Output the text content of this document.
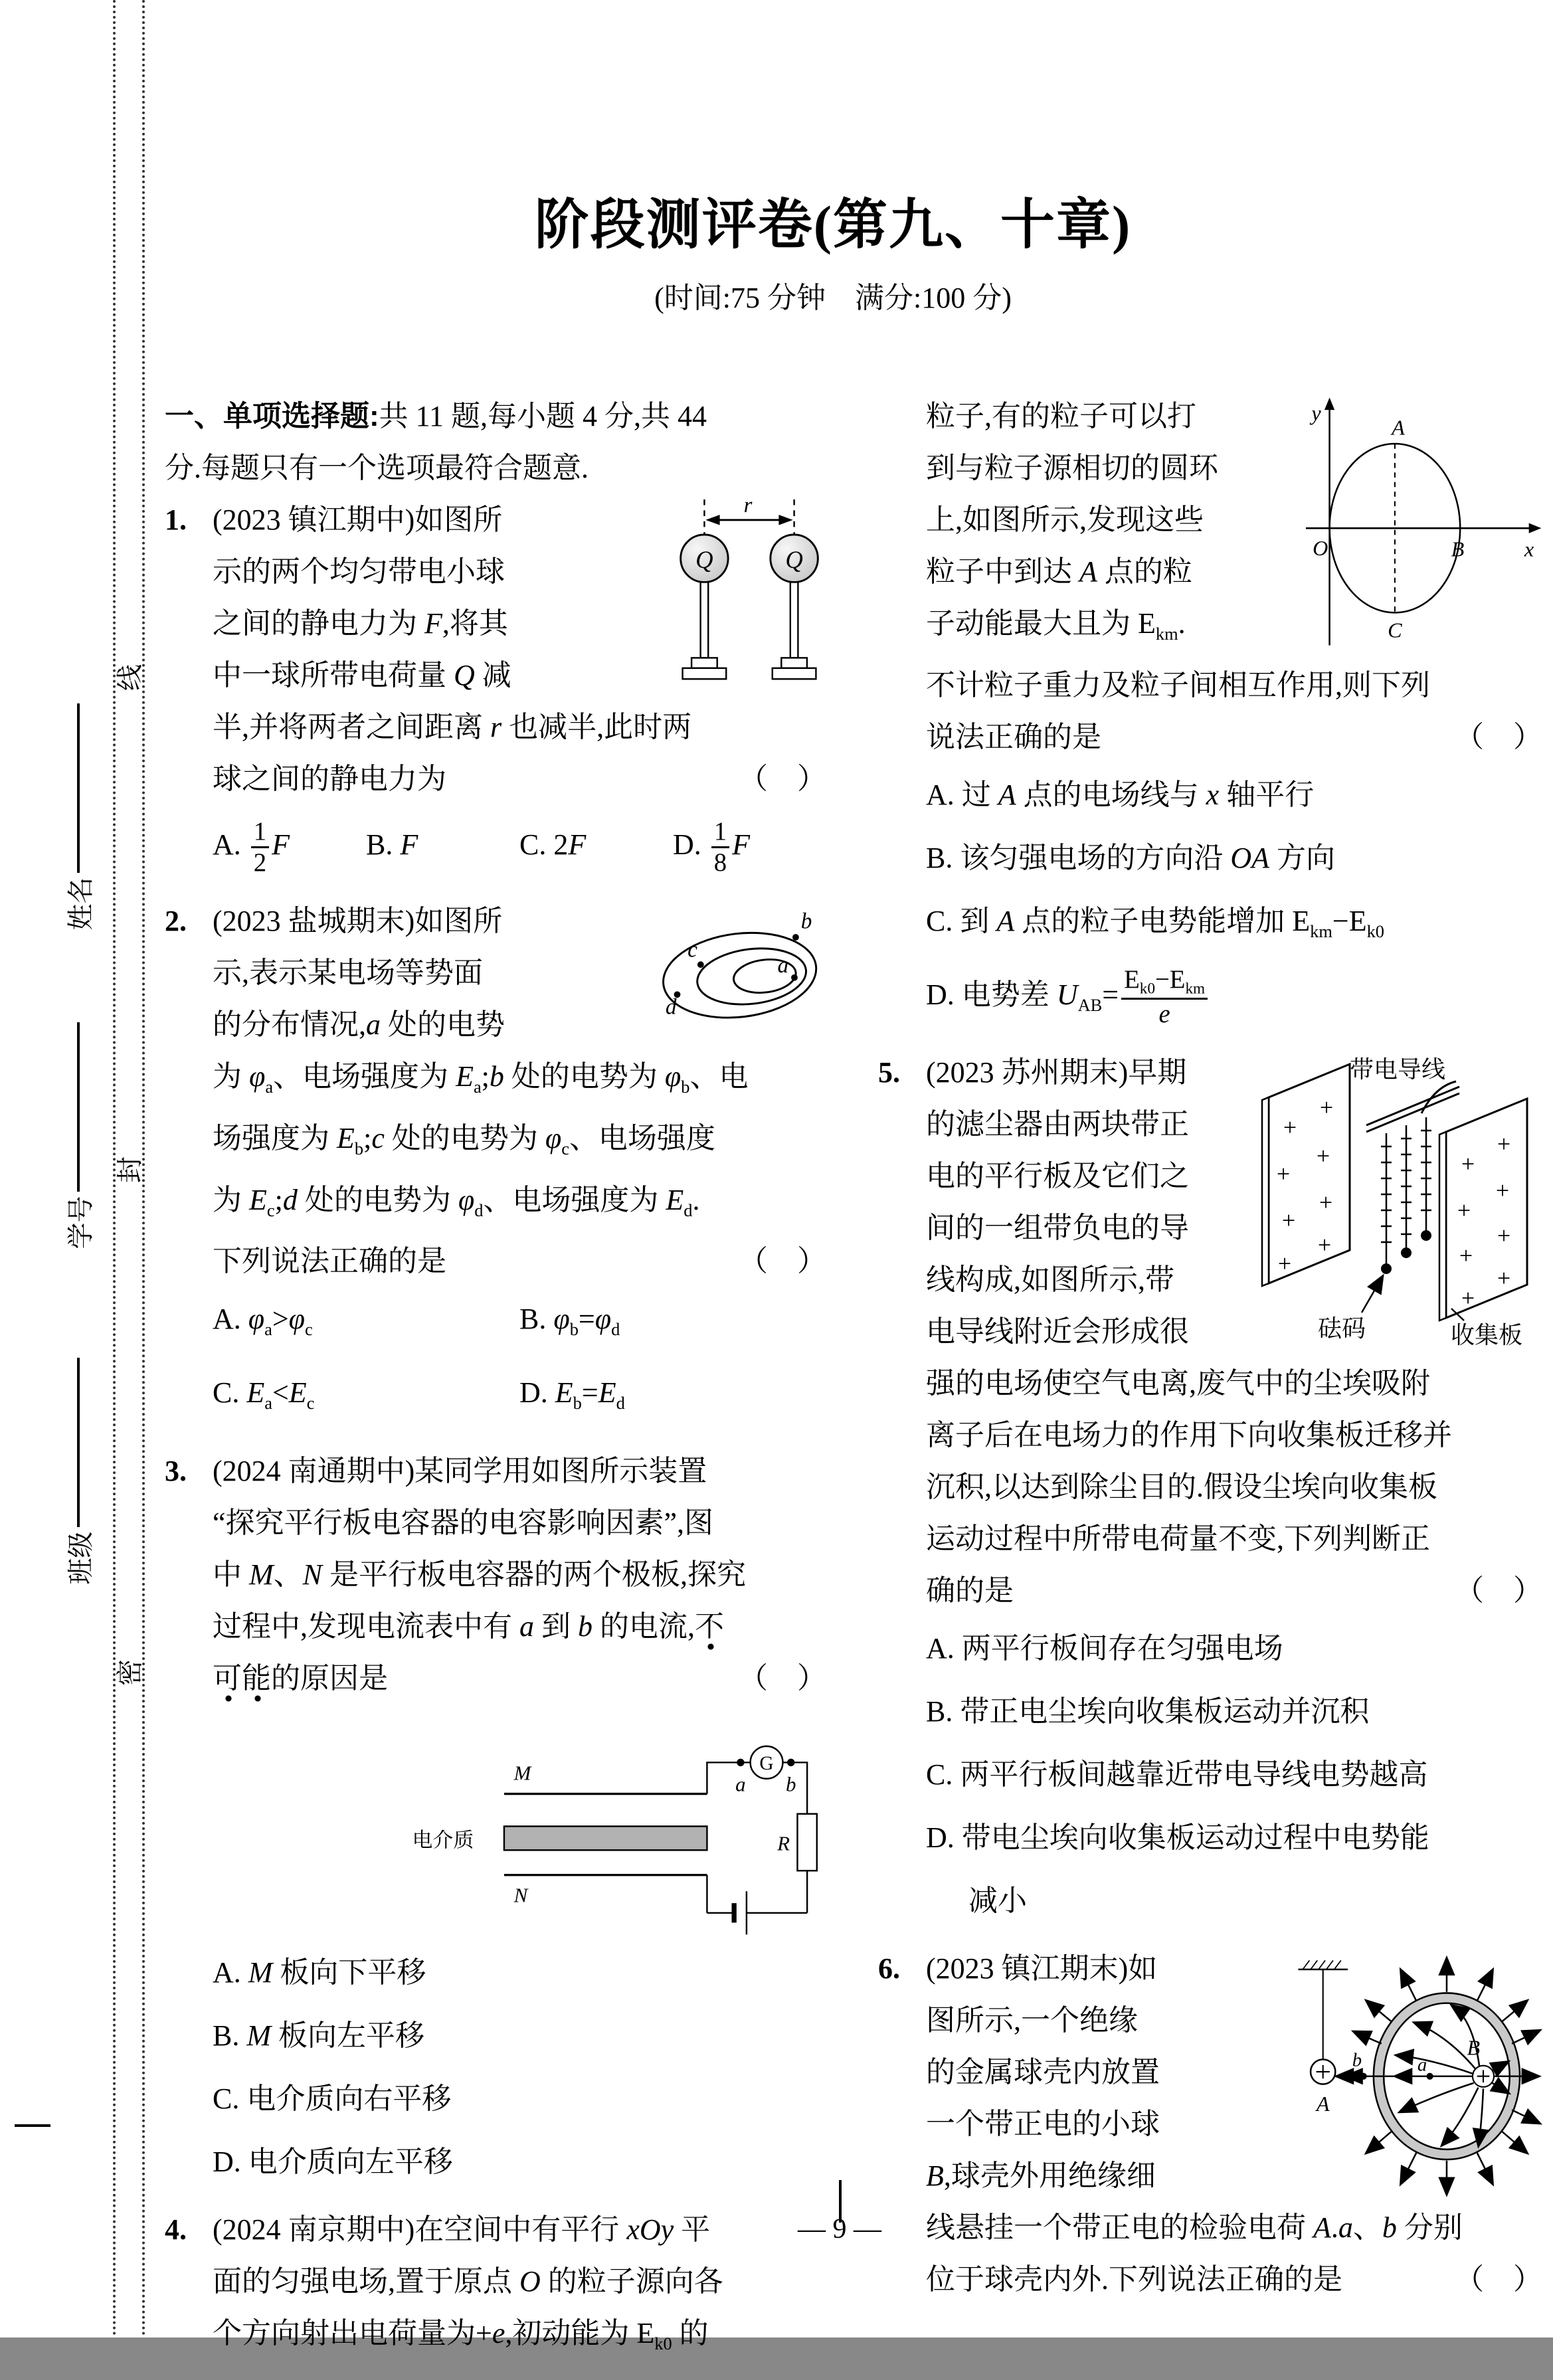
线
封
密
姓名
学号
班级
阶段测评卷(第九、十章)
(时间:75 分钟　满分:100 分)
一、单项选择题:共 11 题,每小题 4 分,共 44
分.每题只有一个选项最符合题意.
1.	r
Q	Q
(2023 镇江期中)如图所
示的两个均匀带电小球
之间的静电力为 F,将其
中一球所带电荷量 Q 减
半,并将两者之间距离 r 也减半,此时两
球之间的静电力为	（　）
A. $\frac{1}{2}$ F	B. F	C. 2F	D. $\frac{1}{8}$ F
2.	b
c
a
d
(2023 盐城期末)如图所
示,表示某电场等势面
的分布情况,a 处的电势
为 $\varphi_a$、电场强度为 $E_a;b$ 处的电势为 $\varphi_b$、电
场强度为 $E_b;c$ 处的电势为 $\varphi_c$、电场强度
为 $E_c;d$ 处的电势为 $\varphi_d$、电场强度为 $E_d$.
下列说法正确的是	（　）
A. $\varphi_a>\varphi_c$	B. $\varphi_b=\varphi_d$
C. $E_a<E_c$	D. $E_b=E_d$
3. (2024 南通期中)某同学用如图所示装置
“探究平行板电容器的电容影响因素”,图
中 M、N 是平行板电容器的两个极板,探究
过程中,发现电流表中有 a 到 b 的电流,不
可能的原因是	（　）
电介质
M
N
a b
G
R
A. M 板向下平移
B. M 板向左平移
C. 电介质向右平移
D. 电介质向左平移
4. (2024 南京期中)在空间中有平行 xOy 平
面的匀强电场,置于原点 O 的粒子源向各
个方向射出电荷量为+e,初动能为 $E_{k0}$ 的
y
x
O
A
B
C
粒子,有的粒子可以打
到与粒子源相切的圆环
上,如图所示,发现这些
粒子中到达 A 点的粒
子动能最大且为 $E_{km}$.
不计粒子重力及粒子间相互作用,则下列
说法正确的是	（　）
A. 过 A 点的电场线与 x 轴平行
B. 该匀强电场的方向沿 OA 方向
C. 到 A 点的粒子电势能增加 $E_{km}-E_{k0}$
D. 电势差 $U_{AB}= \frac{E_{k0}-E_{km}}{e}$
5.	带电导线
+
+
+
+
+
+
+
+
+
+
+
+
+
+
+
+
砝码	收集板
(2023 苏州期末)早期
的滤尘器由两块带正
电的平行板及它们之
间的一组带负电的导
线构成,如图所示,带
电导线附近会形成很
强的电场使空气电离,废气中的尘埃吸附
离子后在电场力的作用下向收集板迁移并
沉积,以达到除尘目的.假设尘埃向收集板
运动过程中所带电荷量不变,下列判断正
确的是	（　）
A. 两平行板间存在匀强电场
B. 带正电尘埃向收集板运动并沉积
C. 两平行板间越靠近带电导线电势越高
D. 带电尘埃向收集板运动过程中电势能
减小
6.
A
B
a
b
(2023 镇江期末)如
图所示,一个绝缘
的金属球壳内放置
一个带正电的小球
B,球壳外用绝缘细
线悬挂一个带正电的检验电荷 A.a、b 分别
位于球壳内外.下列说法正确的是	（　）
— 9 —
